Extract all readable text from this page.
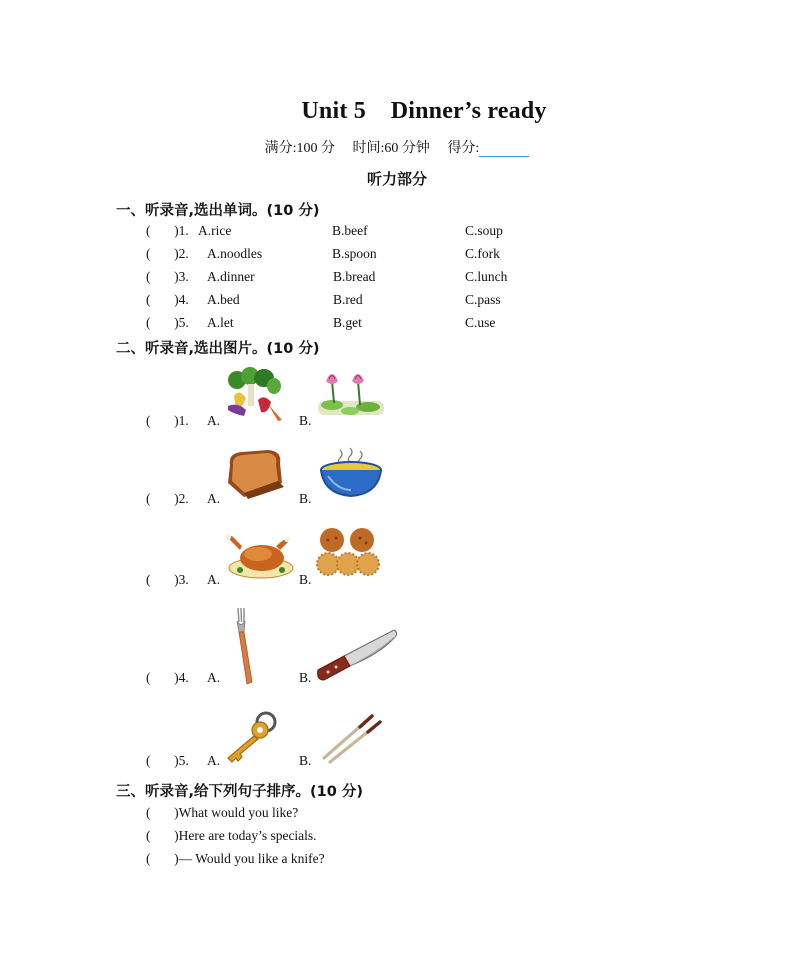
Unit 5    Dinner’s ready
满分:100 分 时间:60 分钟 得分:
听力部分
一、听录音,选出单词。(10 分)
(       )1. A.rice	B.beef	C.soup
(       )2. A.noodles	B.spoon	C.fork
(       )3. A.dinner	B.bread	C.lunch
(       )4. A.bed	B.red	C.pass
(       )5. A.let	B.get	C.use
二、听录音,选出图片。(10 分)
(       )1. A.	B.
(       )2. A.	B.
(       )3. A.	B.
(       )4. A.	B.
(       )5. A.	B.
三、听录音,给下列句子排序。(10 分)
(       )What would you like?
(       )Here are today’s specials.
(       )— Would you like a knife?
